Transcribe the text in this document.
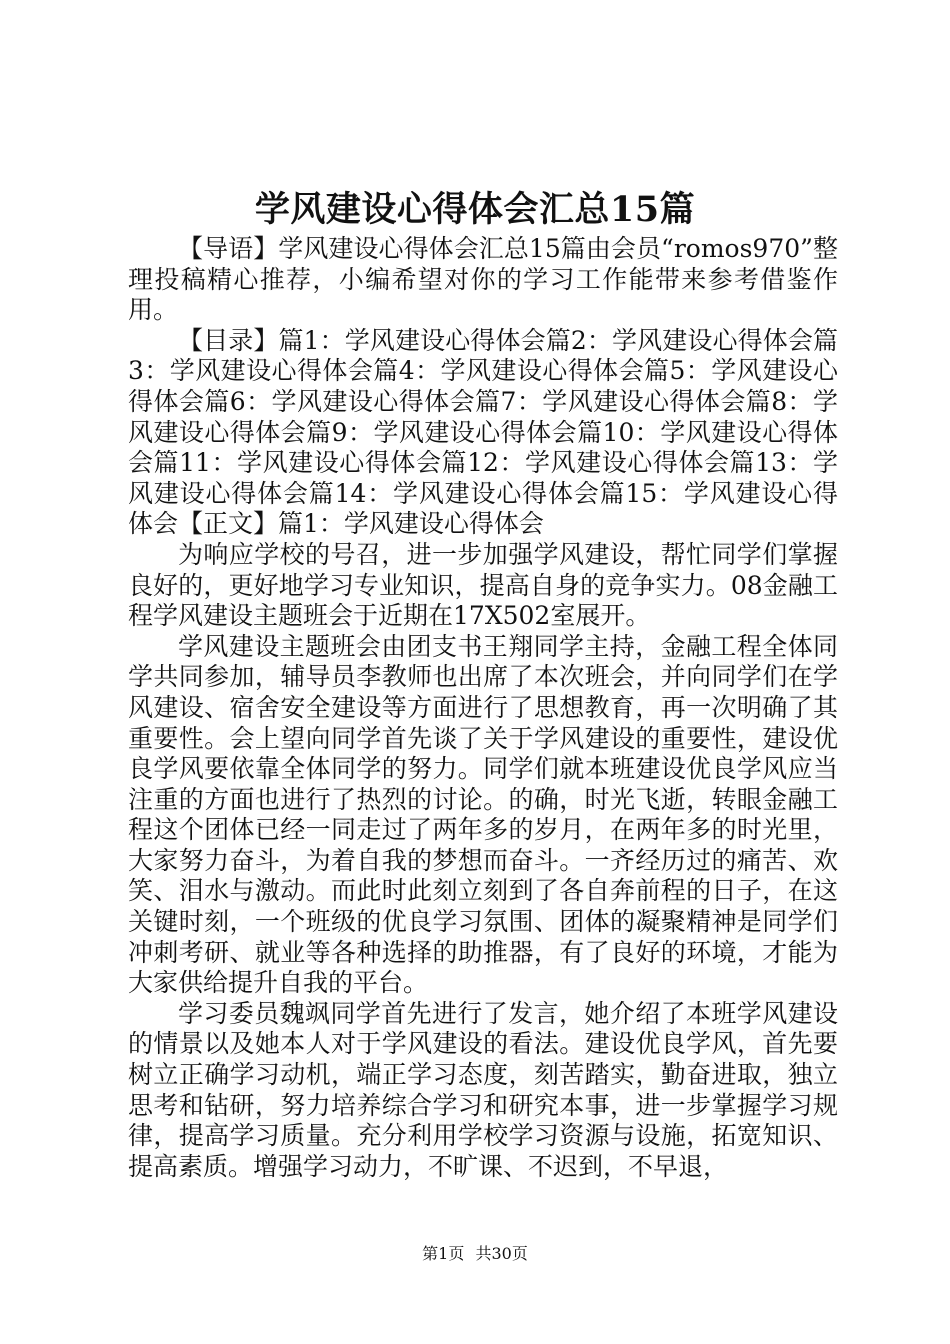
学风建设心得体会汇总15篇

【导语】学风建设心得体会汇总15篇由会员“romos970”整理投稿精心推荐，小编希望对你的学习工作能带来参考借鉴作用。

【目录】篇1：学风建设心得体会篇2：学风建设心得体会篇3：学风建设心得体会篇4：学风建设心得体会篇5：学风建设心得体会篇6：学风建设心得体会篇7：学风建设心得体会篇8：学风建设心得体会篇9：学风建设心得体会篇10：学风建设心得体会篇11：学风建设心得体会篇12：学风建设心得体会篇13：学风建设心得体会篇14：学风建设心得体会篇15：学风建设心得体会【正文】篇1：学风建设心得体会

为响应学校的号召，进一步加强学风建设，帮忙同学们掌握良好的，更好地学习专业知识，提高自身的竞争实力。08金融工程学风建设主题班会于近期在17X502室展开。

学风建设主题班会由团支书王翔同学主持，金融工程全体同学共同参加，辅导员李教师也出席了本次班会，并向同学们在学风建设、宿舍安全建设等方面进行了思想教育，再一次明确了其重要性。会上望向同学首先谈了关于学风建设的重要性，建设优良学风要依靠全体同学的努力。同学们就本班建设优良学风应当注重的方面也进行了热烈的讨论。的确，时光飞逝，转眼金融工程这个团体已经一同走过了两年多的岁月，在两年多的时光里，大家努力奋斗，为着自我的梦想而奋斗。一齐经历过的痛苦、欢笑、泪水与激动。而此时此刻立刻到了各自奔前程的日子，在这关键时刻，一个班级的优良学习氛围、团体的凝聚精神是同学们冲刺考研、就业等各种选择的助推器，有了良好的环境，才能为大家供给提升自我的平台。

学习委员魏飒同学首先进行了发言，她介绍了本班学风建设的情景以及她本人对于学风建设的看法。建设优良学风，首先要树立正确学习动机，端正学习态度，刻苦踏实，勤奋进取，独立思考和钻研，努力培养综合学习和研究本事，进一步掌握学习规律，提高学习质量。充分利用学校学习资源与设施，拓宽知识、提高素质。增强学习动力，不旷课、不迟到，不早退，

第1页 共30页
